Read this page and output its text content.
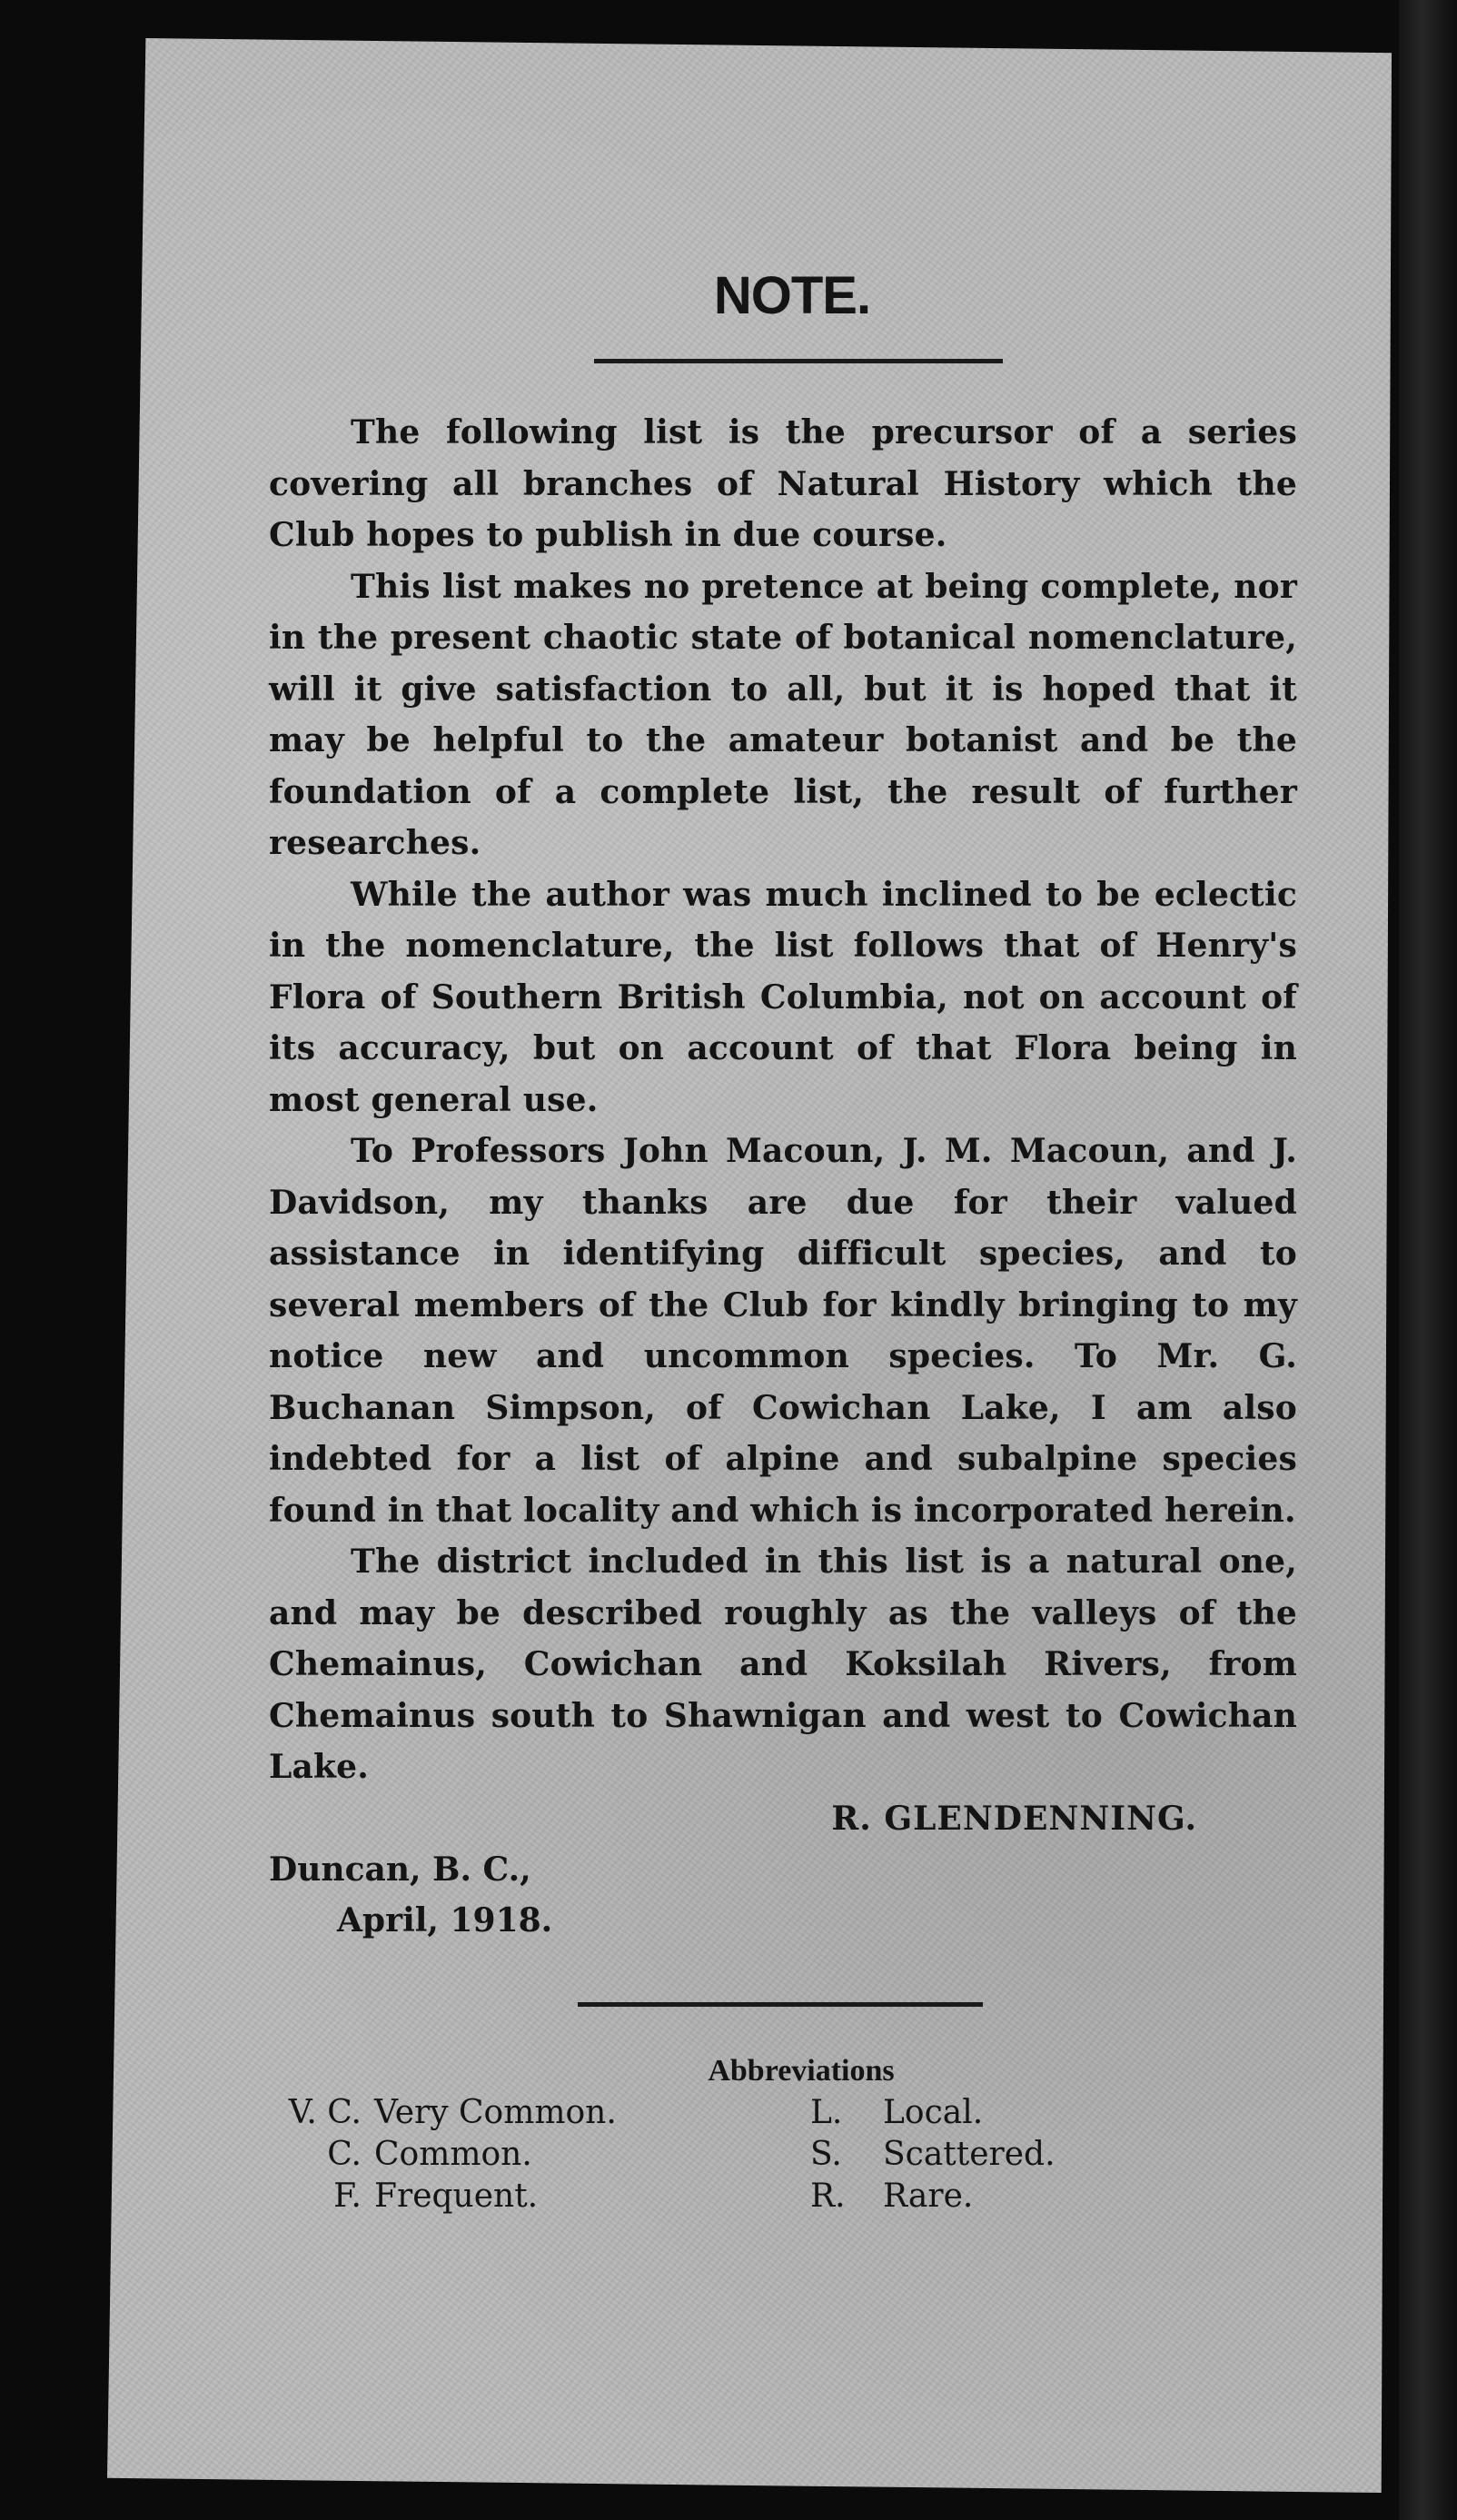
NOTE.

The following list is the precursor of a series covering all branches of Natural History which the Club hopes to publish in due course.

This list makes no pretence at being complete, nor in the present chaotic state of botanical nomenclature, will it give satisfaction to all, but it is hoped that it may be helpful to the amateur botanist and be the foundation of a complete list, the result of further researches.

While the author was much inclined to be eclectic in the nomenclature, the list follows that of Henry's Flora of Southern British Columbia, not on account of its accuracy, but on account of that Flora being in most general use.

To Professors John Macoun, J. M. Macoun, and J. Davidson, my thanks are due for their valued assistance in identifying difficult species, and to several members of the Club for kindly bringing to my notice new and uncommon species. To Mr. G. Buchanan Simpson, of Cowichan Lake, I am also indebted for a list of alpine and subalpine species found in that locality and which is incorporated herein.

The district included in this list is a natural one, and may be described roughly as the valleys of the Chemainus, Cowichan and Koksilah Rivers, from Chemainus south to Shawnigan and west to Cowichan Lake.

R. GLENDENNING.
Duncan, B. C.,
April, 1918.
Abbreviations
V. C. Very Common.	L.	Local.
C. Common.	S.	Scattered.
F. Frequent.	R.	Rare.
